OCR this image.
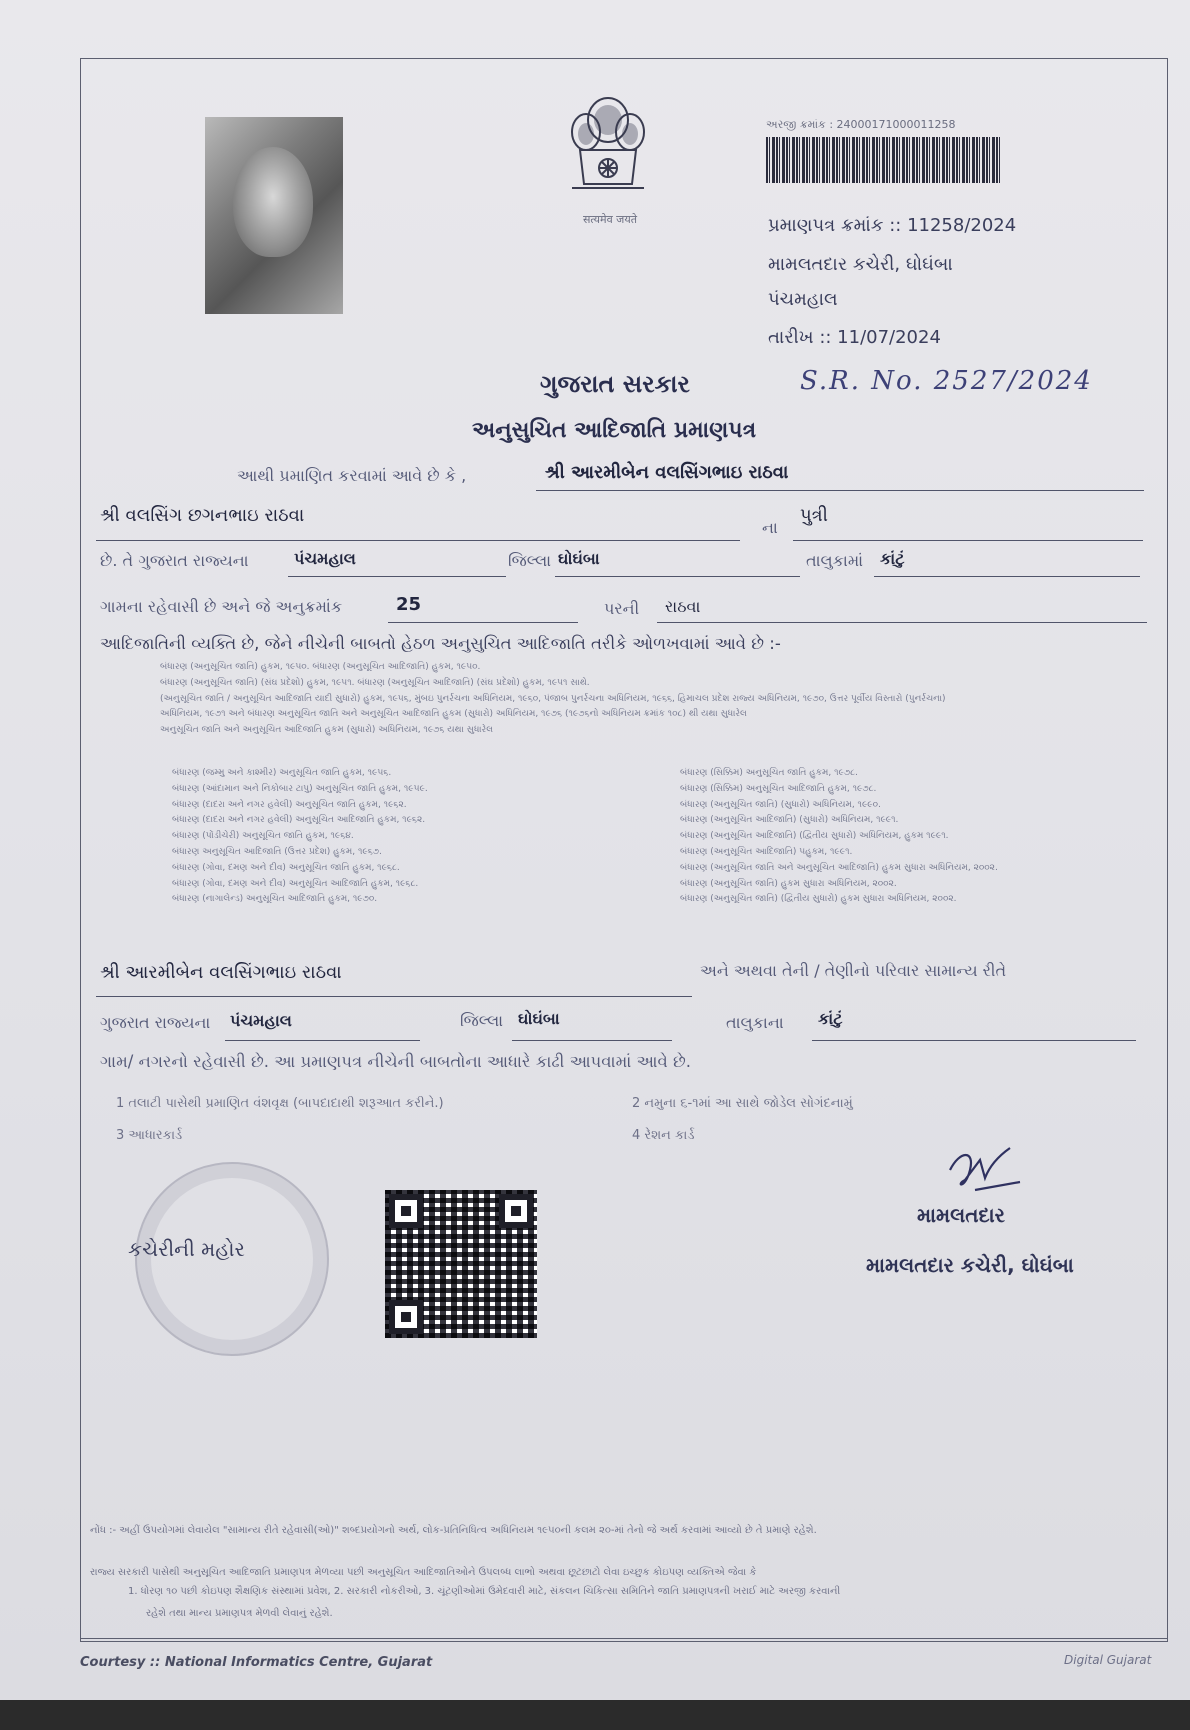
सत्यमेव जयते
અરજી ક્રમાંક : 24000171000011258
પ્રમાણપત્ર ક્રમાંક :: 11258/2024
મામલતદાર કચેરી, ઘોઘંબા
પંચમહાલ
તારીખ :: 11/07/2024
ગુજરાત સરકાર	S.R. No. 2527/2024
અનુસુચિત આદિજાતિ પ્રમાણપત્ર
આથી પ્રમાણિત કરવામાં આવે છે કે ,	શ્રી આરમીબેન વલસિંગભાઇ રાઠવા
શ્રી વલસિંગ છગનભાઇ રાઠવા
ના
પુત્રી
છે. તે ગુજરાત રાજ્યના	પંચમહાલ	જિલ્લા ઘોઘંબા	તાલુકામાં કાંટું
ગામના રહેવાસી છે અને જે અનુક્રમાંક	25	પરની રાઠવા
આદિજાતિની વ્યક્તિ છે, જેને નીચેની બાબતો હેઠળ અનુસુચિત આદિજાતિ તરીકે ઓળખવામાં આવે છે :-
બંધારણ (અનુસૂચિત જાતિ) હુકમ, ૧૯૫૦. બંધારણ (અનુસૂચિત આદિજાતિ) હુકમ, ૧૯૫૦.
બંધારણ (અનુસૂચિત જાતિ) (સંઘ પ્રદેશો) હુકમ, ૧૯૫૧. બંધારણ (અનુસૂચિત આદિજાતિ) (સંઘ પ્રદેશો) હુકમ, ૧૯૫૧ સાથે.
(અનુસૂચિત જાતિ / અનુસૂચિત આદિજાતિ યાદી સુધારો) હુકમ, ૧૯૫૬, મુંબઇ પુનર્રચના અધિનિયમ, ૧૯૬૦, પંજાબ પુનર્રચના અધિનિયમ, ૧૯૬૬, હિમાચલ પ્રદેશ રાજ્ય અધિનિયમ, ૧૯૭૦, ઉત્તર પૂર્વીય વિસ્તારો (પુનર્રચના)
અધિનિયમ, ૧૯૭૧ અને બંધારણ અનુસૂચિત જાતિ અને અનુસૂચિત આદિજાતિ હુકમ (સુધારો) અધિનિયમ, ૧૯૭૬ (૧૯૭૬નો અધિનિયમ ક્રમાંક ૧૦૮) થી યથા સુધારેલ
અનુસૂચિત જાતિ અને અનુસૂચિત આદિજાતિ હુકમ (સુધારો) અધિનિયમ, ૧૯૭૬ યથા સુધારેલ
બંધારણ (જમ્મુ અને કાશ્મીર) અનુસૂચિત જાતિ હુકમ, ૧૯૫૬.
બંધારણ (આંદામાન અને નિકોબાર ટાપુ) અનુસૂચિત જાતિ હુકમ, ૧૯૫૯.
બંધારણ (દાદરા અને નગર હવેલી) અનુસૂચિત જાતિ હુકમ, ૧૯૬૨.
બંધારણ (દાદરા અને નગર હવેલી) અનુસૂચિત આદિજાતિ હુકમ, ૧૯૬૨.
બંધારણ (પોંડીચેરી) અનુસૂચિત જાતિ હુકમ, ૧૯૬૪.
બંધારણ અનુસૂચિત આદિજાતિ (ઉત્તર પ્રદેશ) હુકમ, ૧૯૬૭.
બંધારણ (ગોવા, દમણ અને દીવ) અનુસૂચિત જાતિ હુકમ, ૧૯૬૮.
બંધારણ (ગોવા, દમણ અને દીવ) અનુસૂચિત આદિજાતિ હુકમ, ૧૯૬૮.
બંધારણ (નાગાલેન્ડ) અનુસૂચિત આદિજાતિ હુકમ, ૧૯૭૦.
બંધારણ (સિક્કિમ) અનુસૂચિત જાતિ હુકમ, ૧૯૭૮.
બંધારણ (સિક્કિમ) અનુસૂચિત આદિજાતિ હુકમ, ૧૯૭૮.
બંધારણ (અનુસૂચિત જાતિ) (સુધારો) અધિનિયમ, ૧૯૯૦.
બંધારણ (અનુસૂચિત આદિજાતિ) (સુધારો) અધિનિયમ, ૧૯૯૧.
બંધારણ (અનુસૂચિત આદિજાતિ) (દ્વિતીય સુધારો) અધિનિયમ, હુકમ ૧૯૯૧.
બંધારણ (અનુસૂચિત આદિજાતિ) ૫હુકમ, ૧૯૯૧.
બંધારણ (અનુસૂચિત જાતિ અને અનુસૂચિત આદિજાતિ) હુકમ સુધારા અધિનિયમ, ૨૦૦૨.
બંધારણ (અનુસૂચિત જાતિ) હુકમ સુધારા અધિનિયમ, ૨૦૦૨.
બંધારણ (અનુસૂચિત જાતિ) (દ્વિતીય સુધારો) હુકમ સુધારા અધિનિયમ, ૨૦૦૨.
શ્રી આરમીબેન વલસિંગભાઇ રાઠવા	અને અથવા તેની / તેણીનો પરિવાર સામાન્ય રીતે
ગુજરાત રાજ્યના પંચમહાલ	જિલ્લા ઘોઘંબા	તાલુકાના કાંટું
ગામ/ નગરનો રહેવાસી છે. આ પ્રમાણપત્ર નીચેની બાબતોના આધારે કાઢી આપવામાં આવે છે.
1 તલાટી પાસેથી પ્રમાણિત વંશવૃક્ષ (બાપદાદાથી શરૂઆત કરીને.)	2 નમુના ૬-૧માં આ સાથે જોડેલ સોગંદનામું
3 આધારકાર્ડ	4 રેશન કાર્ડ
કચેરીની મહોર
મામલતદાર
મામલતદાર કચેરી, ઘોઘંબા
નોંધ :- અહીં ઉપયોગમાં લેવાયેલ "સામાન્ય રીતે રહેવાસી(ઓ)" શબ્દપ્રયોગનો અર્થ, લોક-પ્રતિનિધિત્વ અધિનિયમ ૧૯૫૦ની કલમ ૨૦-માં તેનો જે અર્થ કરવામાં આવ્યો છે તે પ્રમાણે રહેશે.
રાજ્ય સરકારી પાસેથી અનુસૂચિત આદિજાતિ પ્રમાણપત્ર મેળવ્યા પછી અનુસૂચિત આદિજાતિઓને ઉપલબ્ધ લાભો અથવા છૂટછાટો લેવા ઇચ્છુક કોઇપણ વ્યક્તિએ જેવા કે
1. ધોરણ ૧૦ પછી કોઇપણ શૈક્ષણિક સંસ્થામાં પ્રવેશ, 2. સરકારી નોકરીઓ, 3. ચૂંટણીઓમાં ઉમેદવારી માટે, સંકલન ચિકિત્સા સમિતિને જાતિ પ્રમાણપત્રની ખરાઈ માટે અરજી કરવાની
રહેશે તથા માન્ય પ્રમાણપત્ર મેળવી લેવાનું રહેશે.
Courtesy :: National Informatics Centre, Gujarat	Digital Gujarat
